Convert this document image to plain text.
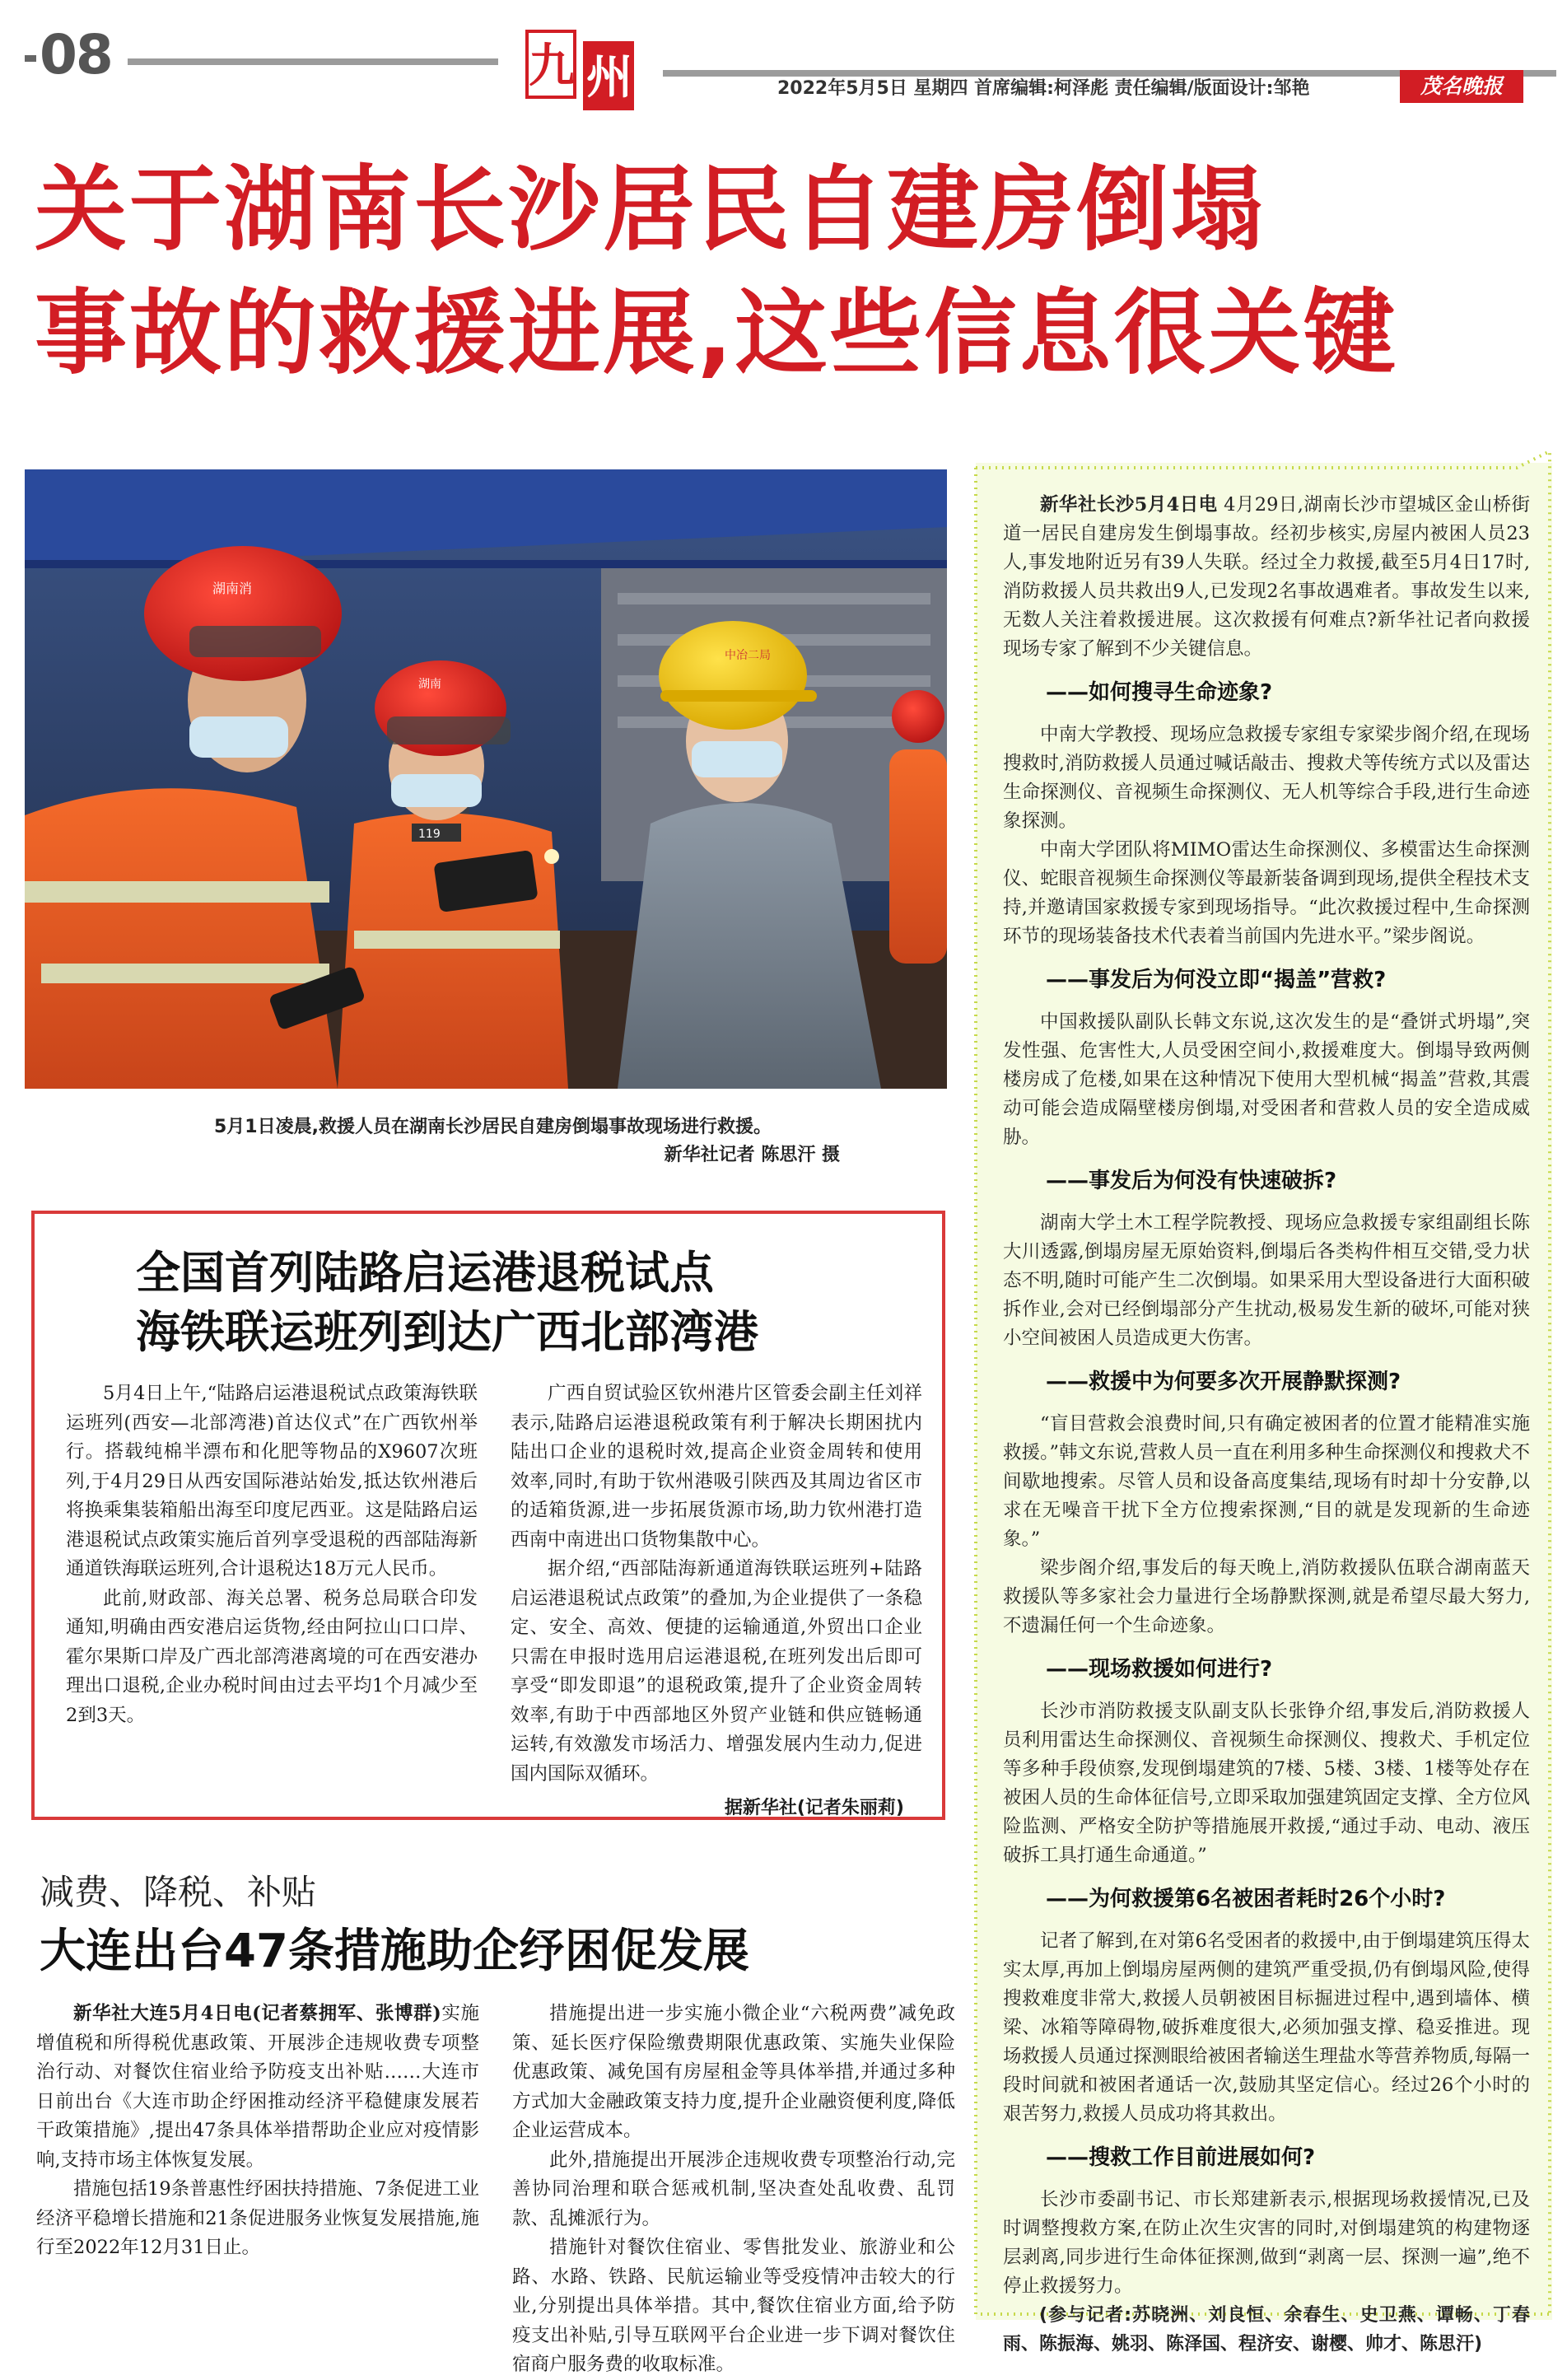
08	九 州	2022年5月5日 星期四 首席编辑:柯泽彪 责任编辑/版面设计:邹艳	茂名晚报
关于湖南长沙居民自建房倒塌
事故的救援进展,这些信息很关键
中冶二局
119
湖南
湖南消
5月1日凌晨,救援人员在湖南长沙居民自建房倒塌事故现场进行救援。
新华社记者 陈思汗 摄

新华社长沙5月4日电 4月29日,湖南长沙市望城区金山桥街道一居民自建房发生倒塌事故。经初步核实,房屋内被困人员23人,事发地附近另有39人失联。经过全力救援,截至5月4日17时,消防救援人员共救出9人,已发现2名事故遇难者。事故发生以来,无数人关注着救援进展。这次救援有何难点?新华社记者向救援现场专家了解到不少关键信息。

——如何搜寻生命迹象?

中南大学教授、现场应急救援专家组专家梁步阁介绍,在现场搜救时,消防救援人员通过喊话敲击、搜救犬等传统方式以及雷达生命探测仪、音视频生命探测仪、无人机等综合手段,进行生命迹象探测。

中南大学团队将MIMO雷达生命探测仪、多模雷达生命探测仪、蛇眼音视频生命探测仪等最新装备调到现场,提供全程技术支持,并邀请国家救援专家到现场指导。“此次救援过程中,生命探测环节的现场装备技术代表着当前国内先进水平。”梁步阁说。

——事发后为何没立即“揭盖”营救?

中国救援队副队长韩文东说,这次发生的是“叠饼式坍塌”,突发性强、危害性大,人员受困空间小,救援难度大。倒塌导致两侧楼房成了危楼,如果在这种情况下使用大型机械“揭盖”营救,其震动可能会造成隔壁楼房倒塌,对受困者和营救人员的安全造成威胁。

——事发后为何没有快速破拆?

湖南大学土木工程学院教授、现场应急救援专家组副组长陈大川透露,倒塌房屋无原始资料,倒塌后各类构件相互交错,受力状态不明,随时可能产生二次倒塌。如果采用大型设备进行大面积破拆作业,会对已经倒塌部分产生扰动,极易发生新的破坏,可能对狭小空间被困人员造成更大伤害。

——救援中为何要多次开展静默探测?

“盲目营救会浪费时间,只有确定被困者的位置才能精准实施救援。”韩文东说,营救人员一直在利用多种生命探测仪和搜救犬不间歇地搜索。尽管人员和设备高度集结,现场有时却十分安静,以求在无噪音干扰下全方位搜索探测,“目的就是发现新的生命迹象。”

梁步阁介绍,事发后的每天晚上,消防救援队伍联合湖南蓝天救援队等多家社会力量进行全场静默探测,就是希望尽最大努力,不遗漏任何一个生命迹象。

——现场救援如何进行?

长沙市消防救援支队副支队长张铮介绍,事发后,消防救援人员利用雷达生命探测仪、音视频生命探测仪、搜救犬、手机定位等多种手段侦察,发现倒塌建筑的7楼、5楼、3楼、1楼等处存在被困人员的生命体征信号,立即采取加强建筑固定支撑、全方位风险监测、严格安全防护等措施展开救援,“通过手动、电动、液压破拆工具打通生命通道。”

——为何救援第6名被困者耗时26个小时?

记者了解到,在对第6名受困者的救援中,由于倒塌建筑压得太实太厚,再加上倒塌房屋两侧的建筑严重受损,仍有倒塌风险,使得搜救难度非常大,救援人员朝被困目标掘进过程中,遇到墙体、横梁、冰箱等障碍物,破拆难度很大,必须加强支撑、稳妥推进。现场救援人员通过探测眼给被困者输送生理盐水等营养物质,每隔一段时间就和被困者通话一次,鼓励其坚定信心。经过26个小时的艰苦努力,救援人员成功将其救出。

——搜救工作目前进展如何?

长沙市委副书记、市长郑建新表示,根据现场救援情况,已及时调整搜救方案,在防止次生灾害的同时,对倒塌建筑的构建物逐层剥离,同步进行生命体征探测,做到“剥离一层、探测一遍”,绝不停止救援努力。

(参与记者:苏晓洲、刘良恒、余春生、史卫燕、谭畅、丁春雨、陈振海、姚羽、陈泽国、程济安、谢樱、帅才、陈思汗)

全国首列陆路启运港退税试点
海铁联运班列到达广西北部湾港

5月4日上午,“陆路启运港退税试点政策海铁联运班列(西安—北部湾港)首达仪式”在广西钦州举行。搭载纯棉半漂布和化肥等物品的X9607次班列,于4月29日从西安国际港站始发,抵达钦州港后将换乘集装箱船出海至印度尼西亚。这是陆路启运港退税试点政策实施后首列享受退税的西部陆海新通道铁海联运班列,合计退税达18万元人民币。

此前,财政部、海关总署、税务总局联合印发通知,明确由西安港启运货物,经由阿拉山口口岸、霍尔果斯口岸及广西北部湾港离境的可在西安港办理出口退税,企业办税时间由过去平均1个月减少至2到3天。

广西自贸试验区钦州港片区管委会副主任刘祥表示,陆路启运港退税政策有利于解决长期困扰内陆出口企业的退税时效,提高企业资金周转和使用效率,同时,有助于钦州港吸引陕西及其周边省区市的适箱货源,进一步拓展货源市场,助力钦州港打造西南中南进出口货物集散中心。

据介绍,“西部陆海新通道海铁联运班列+陆路启运港退税试点政策”的叠加,为企业提供了一条稳定、安全、高效、便捷的运输通道,外贸出口企业只需在申报时选用启运港退税,在班列发出后即可享受“即发即退”的退税政策,提升了企业资金周转效率,有助于中西部地区外贸产业链和供应链畅通运转,有效激发市场活力、增强发展内生动力,促进国内国际双循环。

据新华社(记者朱丽莉)
减费、降税、补贴
大连出台47条措施助企纾困促发展

新华社大连5月4日电(记者蔡拥军、张博群)实施增值税和所得税优惠政策、开展涉企违规收费专项整治行动、对餐饮住宿业给予防疫支出补贴……大连市日前出台《大连市助企纾困推动经济平稳健康发展若干政策措施》,提出47条具体举措帮助企业应对疫情影响,支持市场主体恢复发展。

措施包括19条普惠性纾困扶持措施、7条促进工业经济平稳增长措施和21条促进服务业恢复发展措施,施行至2022年12月31日止。

措施提出进一步实施小微企业“六税两费”减免政策、延长医疗保险缴费期限优惠政策、实施失业保险优惠政策、减免国有房屋租金等具体举措,并通过多种方式加大金融政策支持力度,提升企业融资便利度,降低企业运营成本。

此外,措施提出开展涉企违规收费专项整治行动,完善协同治理和联合惩戒机制,坚决查处乱收费、乱罚款、乱摊派行为。

措施针对餐饮住宿业、零售批发业、旅游业和公路、水路、铁路、民航运输业等受疫情冲击较大的行业,分别提出具体举措。其中,餐饮住宿业方面,给予防疫支出补贴,引导互联网平台企业进一步下调对餐饮住宿商户服务费的收取标准。
